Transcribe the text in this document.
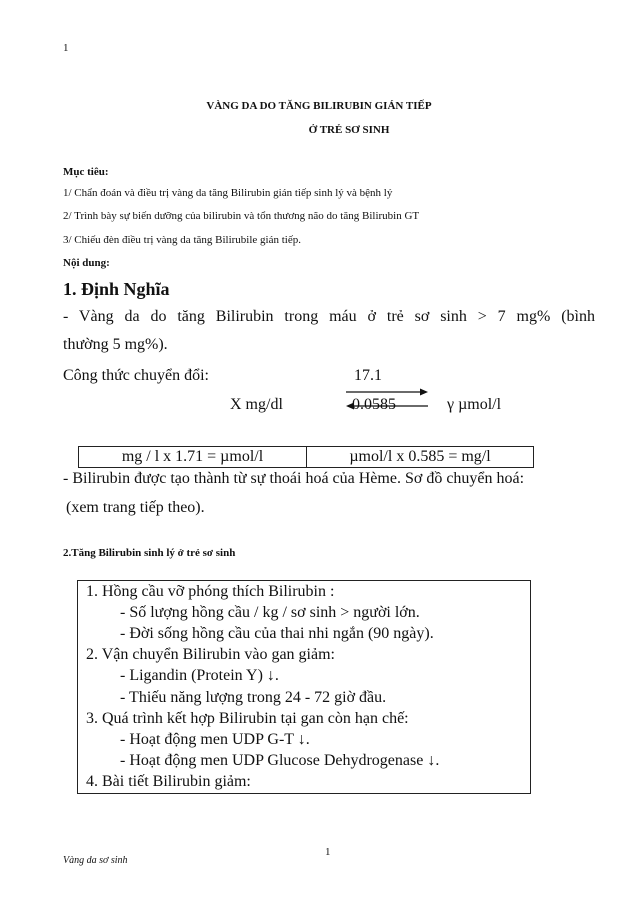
1
VÀNG DA DO TĂNG BILIRUBIN GIÁN TIẾP
Ở TRẺ SƠ SINH
Mục tiêu:
1/ Chẩn đoán và điều trị vàng da tăng Bilirubin gián tiếp sinh lý và bệnh lý
2/ Trình bày sự biến dưỡng của bilirubin và tổn thương não do tăng Bilirubin GT
3/ Chiếu đèn điều trị vàng da tăng Bilirubile gián tiếp.
Nội dung:
1. Định Nghĩa
- Vàng da do tăng Bilirubin trong máu ở trẻ sơ sinh > 7 mg% (bình
thường 5 mg%).
Công thức chuyển đổi:	17.1
X mg/dl	0.0585	γ µmol/l
mg / l x 1.71 = µmol/l	µmol/l x 0.585 = mg/l
- Bilirubin được tạo thành từ sự thoái hoá của Hème. Sơ đồ chuyển hoá:
(xem trang tiếp theo).
2.Tăng Bilirubin sinh lý ở trẻ sơ sinh
1. Hồng cầu vỡ phóng thích Bilirubin :
- Số lượng hồng cầu / kg / sơ sinh > người lớn.
- Đời sống hồng cầu của thai nhi ngắn (90 ngày).
2. Vận chuyển Bilirubin vào gan giảm:
- Ligandin (Protein Y) ↓.
- Thiếu năng lượng trong 24 - 72 giờ đầu.
3. Quá trình kết hợp Bilirubin tại gan còn hạn chế:
- Hoạt động men UDP G-T ↓.
- Hoạt động men UDP Glucose Dehydrogenase ↓.
4. Bài tiết Bilirubin giảm:
1
Vàng da sơ sinh
